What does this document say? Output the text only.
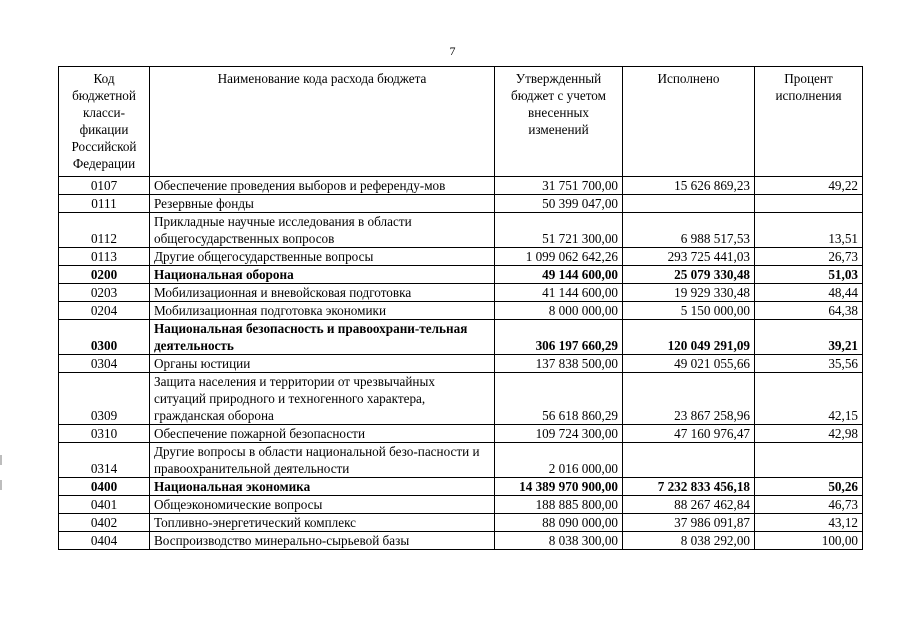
7
Код бюджетной класси-фикации Российской Федерации	Наименование кода расхода бюджета	Утвержденный бюджет с учетом внесенных изменений	Исполнено	Процент исполнения
0107	Обеспечение проведения выборов и референду-мов	31 751 700,00	15 626 869,23	49,22
0111	Резервные фонды	50 399 047,00		
0112	Прикладные научные исследования в области общегосударственных вопросов	51 721 300,00	6 988 517,53	13,51
0113	Другие общегосударственные вопросы	1 099 062 642,26	293 725 441,03	26,73
0200	Национальная оборона	49 144 600,00	25 079 330,48	51,03
0203	Мобилизационная и вневойсковая подготовка	41 144 600,00	19 929 330,48	48,44
0204	Мобилизационная подготовка экономики	8 000 000,00	5 150 000,00	64,38
0300	Национальная безопасность и правоохрани-тельная деятельность	306 197 660,29	120 049 291,09	39,21
0304	Органы юстиции	137 838 500,00	49 021 055,66	35,56
0309	Защита населения и территории от чрезвычайных ситуаций природного и техногенного характера, гражданская оборона	56 618 860,29	23 867 258,96	42,15
0310	Обеспечение пожарной безопасности	109 724 300,00	47 160 976,47	42,98
0314	Другие вопросы в области национальной безо-пасности и правоохранительной деятельности	2 016 000,00		
0400	Национальная экономика	14 389 970 900,00	7 232 833 456,18	50,26
0401	Общеэкономические вопросы	188 885 800,00	88 267 462,84	46,73
0402	Топливно-энергетический комплекс	88 090 000,00	37 986 091,87	43,12
0404	Воспроизводство минерально-сырьевой базы	8 038 300,00	8 038 292,00	100,00
